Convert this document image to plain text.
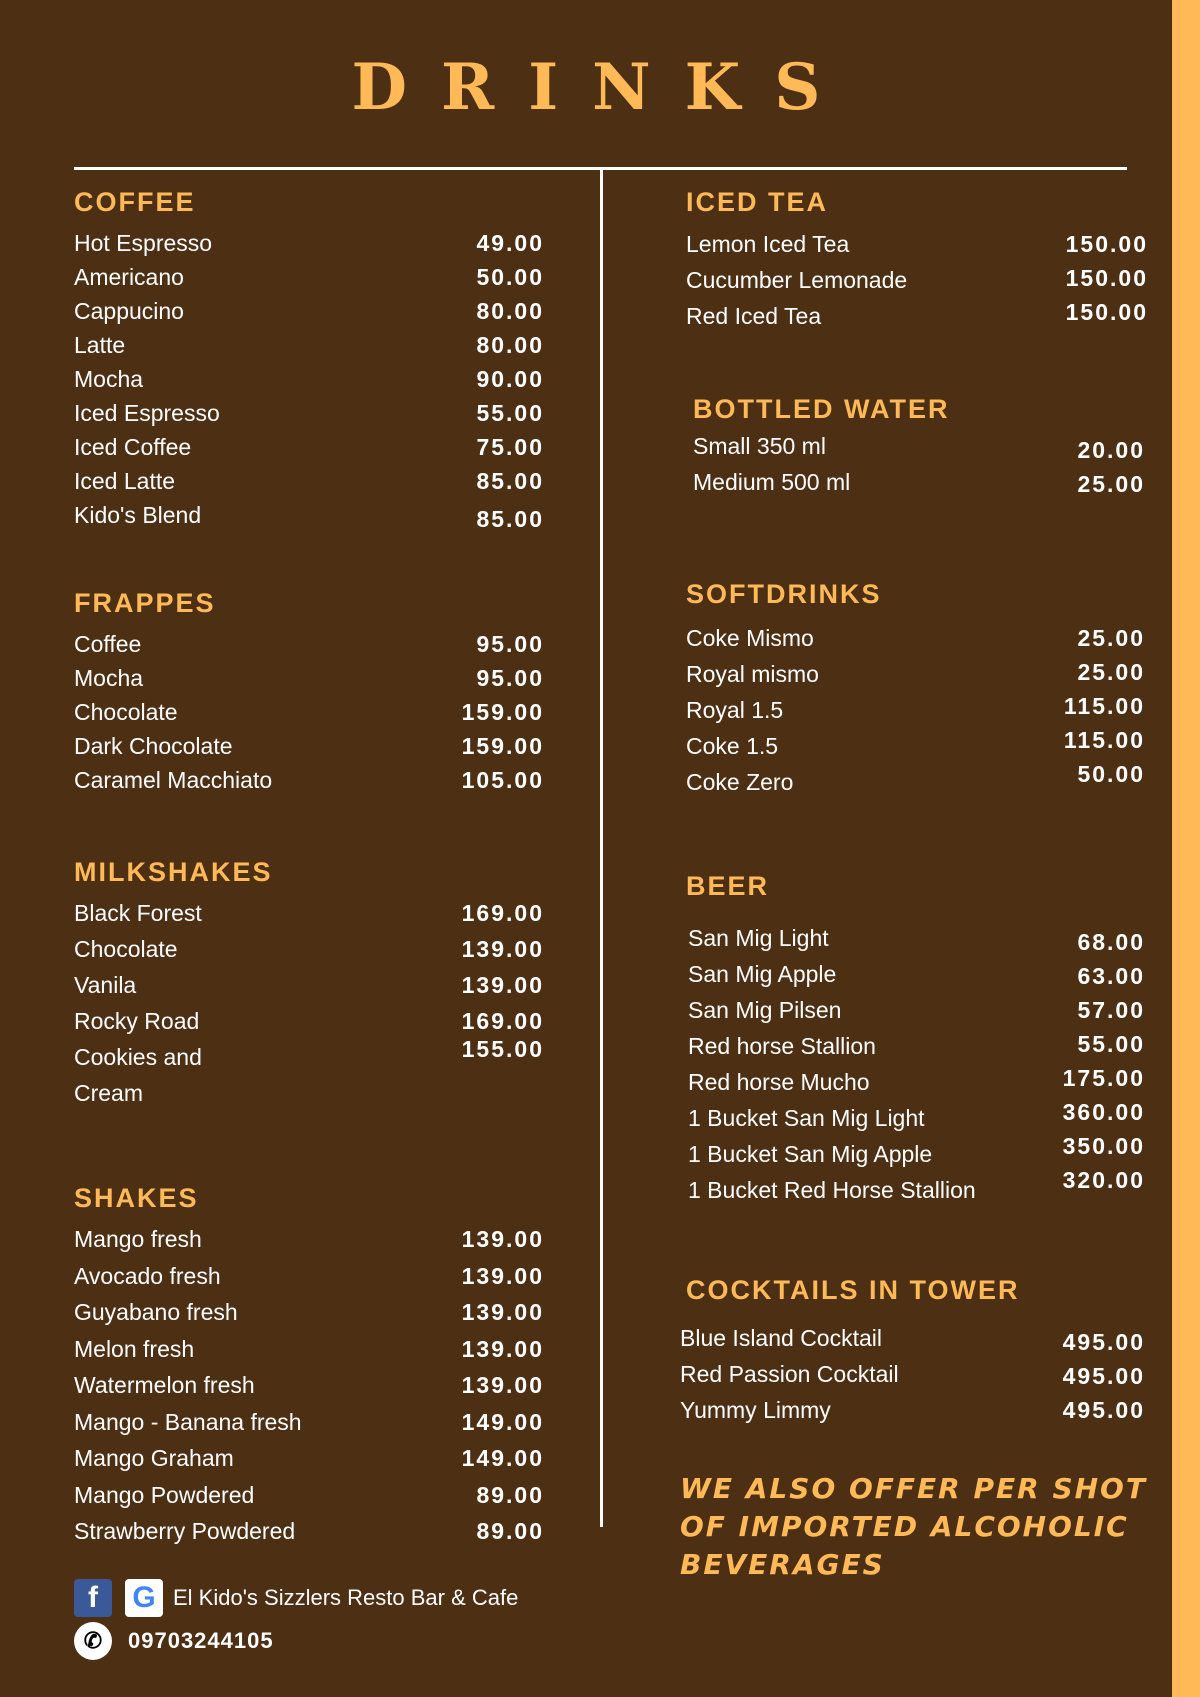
DRINKS
COFFEE
Hot Espresso	49.00
Americano	50.00
Cappucino	80.00
Latte	80.00
Mocha	90.00
Iced Espresso	55.00
Iced Coffee	75.00
Iced Latte	85.00
Kido's Blend	85.00
FRAPPES
Coffee	95.00
Mocha	95.00
Chocolate	159.00
Dark Chocolate	159.00
Caramel Macchiato	105.00
MILKSHAKES
Black Forest	169.00
Chocolate	139.00
Vanila	139.00
Rocky Road	169.00
Cookies and	155.00
Cream
SHAKES
Mango fresh	139.00
Avocado fresh	139.00
Guyabano fresh	139.00
Melon fresh	139.00
Watermelon fresh	139.00
Mango - Banana fresh	149.00
Mango Graham	149.00
Mango Powdered	89.00
Strawberry Powdered	89.00
ICED TEA
Lemon Iced Tea	150.00
Cucumber Lemonade	150.00
Red Iced Tea	150.00
BOTTLED WATER
Small 350 ml	20.00
Medium 500 ml	25.00
SOFTDRINKS
Coke Mismo	25.00
Royal mismo	25.00
Royal 1.5	115.00
Coke 1.5	115.00
Coke Zero	50.00
BEER
San Mig Light	68.00
San Mig Apple	63.00
San Mig Pilsen	57.00
Red horse Stallion	55.00
Red horse Mucho	175.00
1 Bucket San Mig Light	360.00
1 Bucket San Mig Apple	350.00
1 Bucket Red Horse Stallion	320.00
COCKTAILS IN TOWER
Blue Island Cocktail	495.00
Red Passion Cocktail	495.00
Yummy Limmy	495.00
WE ALSO OFFER PER SHOT OF IMPORTED ALCOHOLIC BEVERAGES
f	G El Kido's Sizzlers Resto Bar & Cafe
✆	09703244105
